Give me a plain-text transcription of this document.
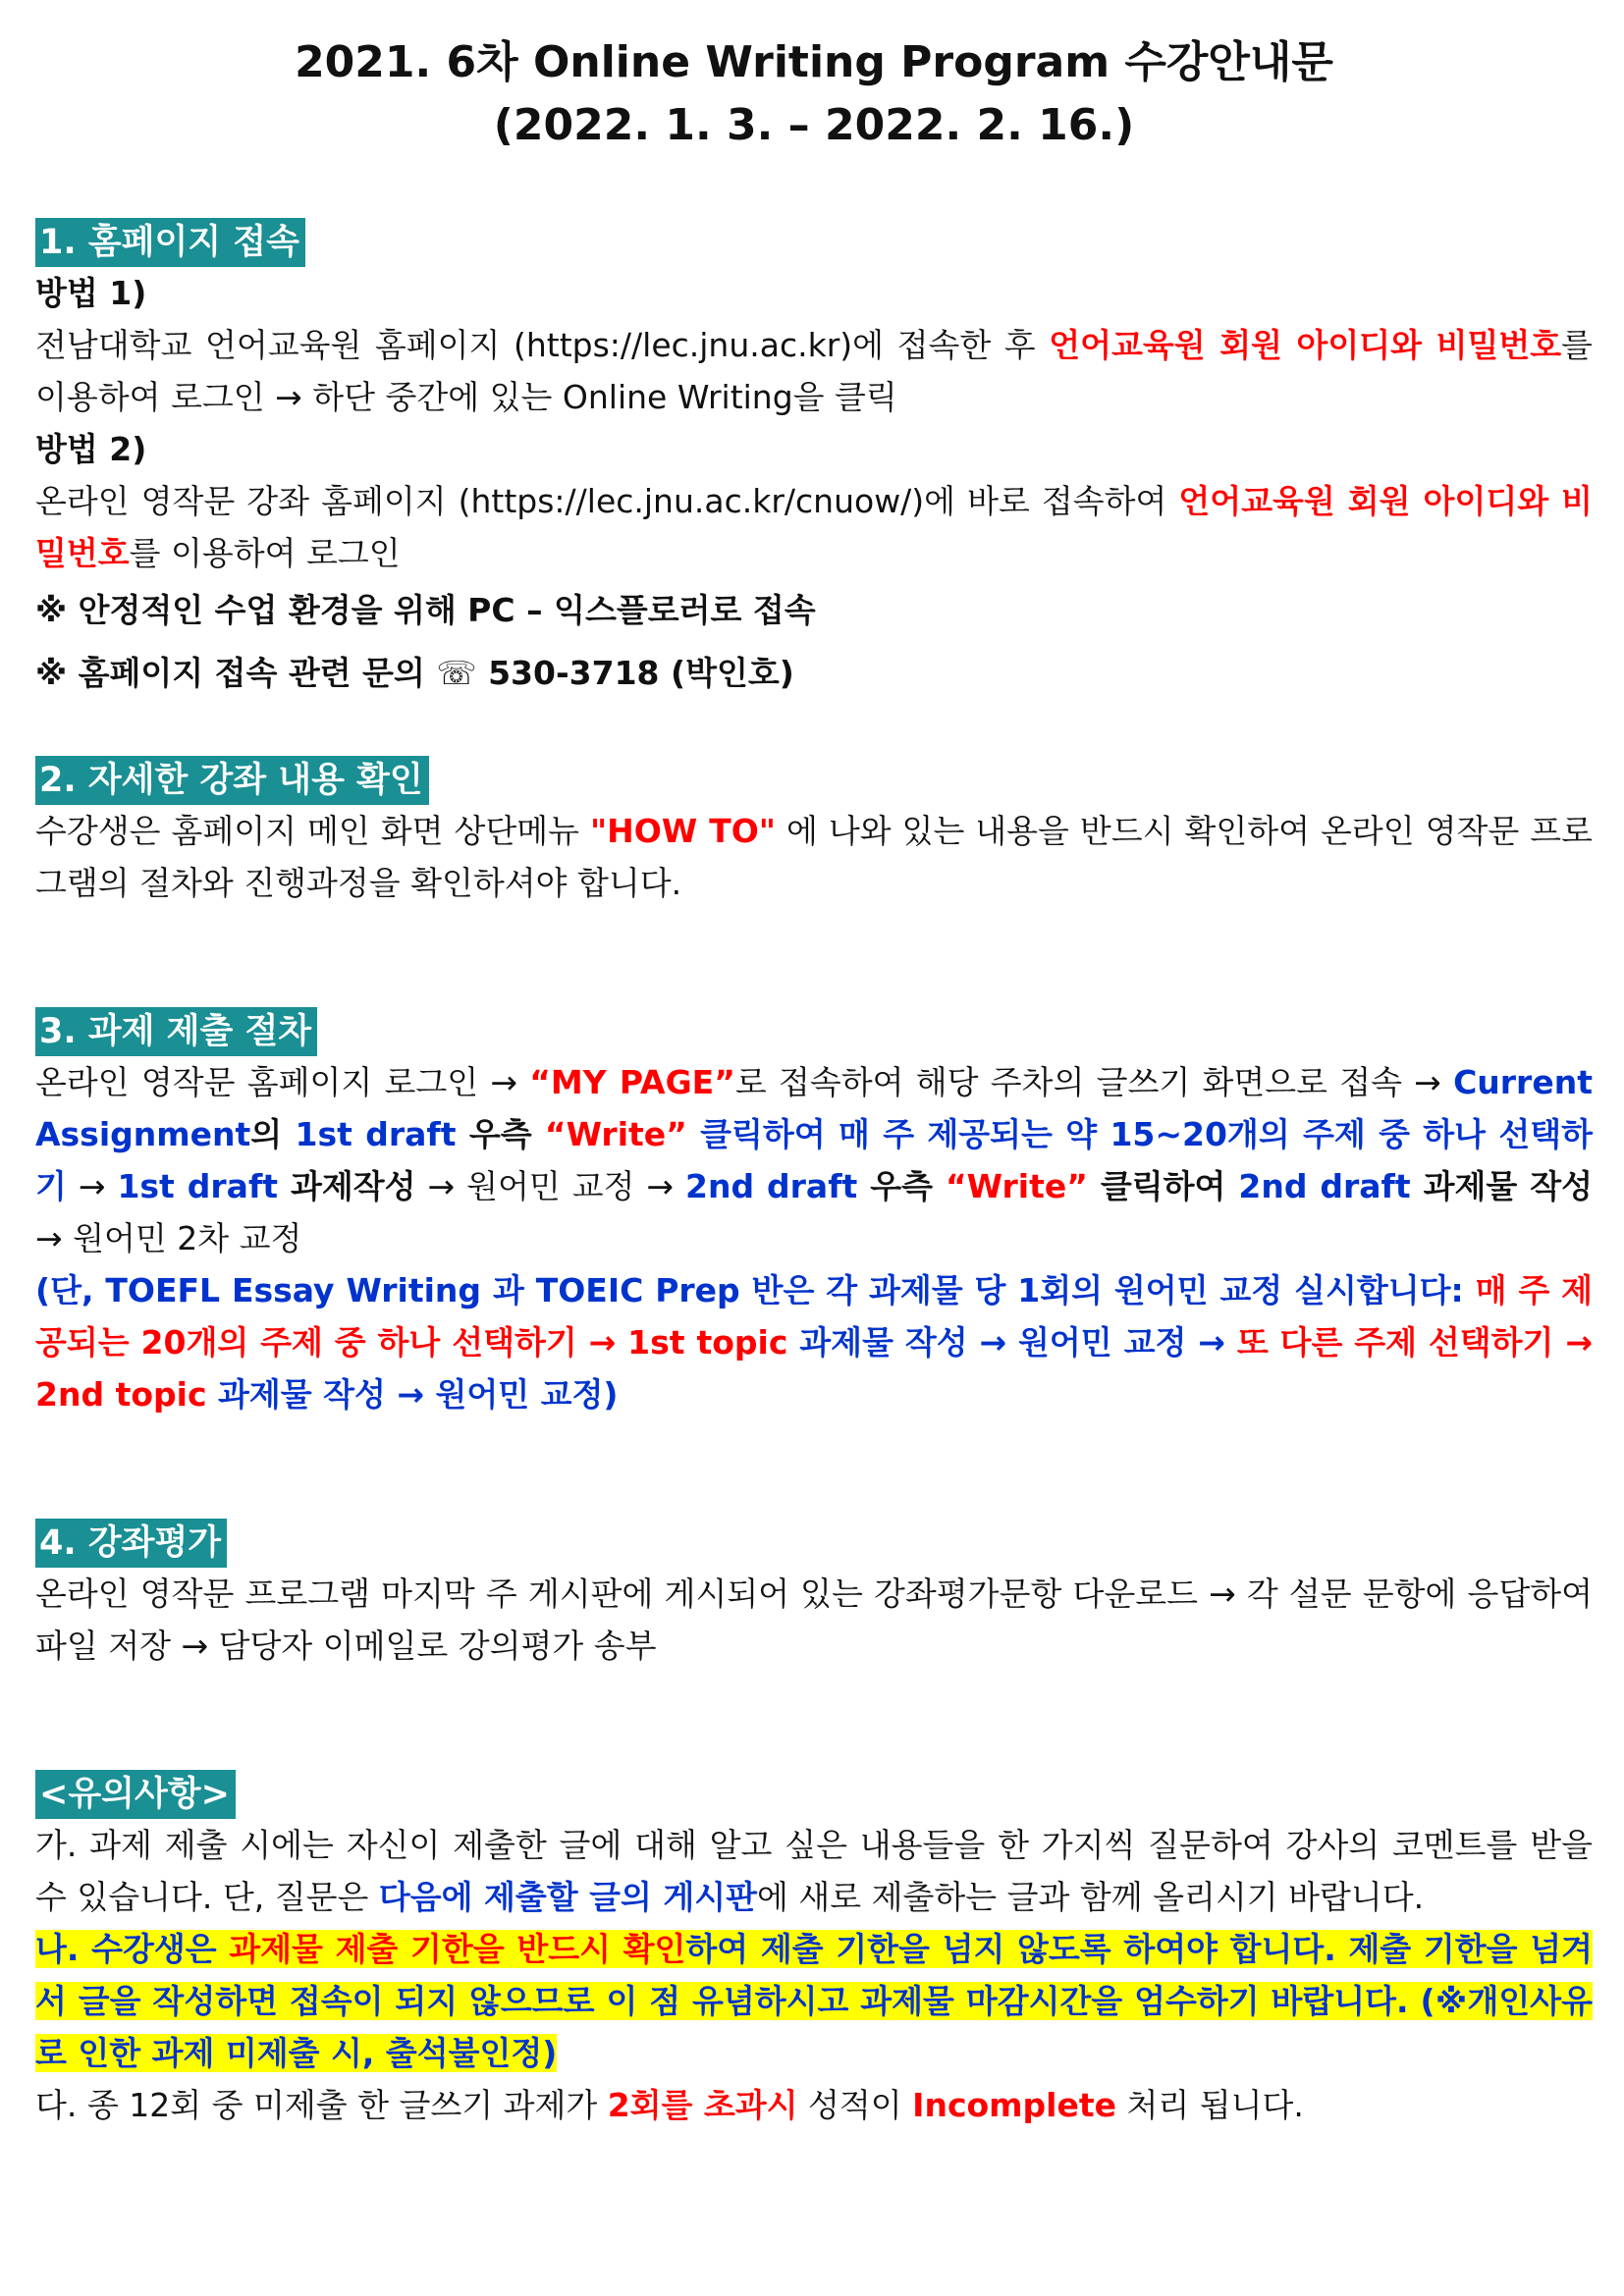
2021. 6차 Online Writing Program 수강안내문
(2022. 1. 3. – 2022. 2. 16.)
1. 홈페이지 접속

방법 1)

전남대학교 언어교육원 홈페이지 (https://lec.jnu.ac.kr)에 접속한 후 언어교육원 회원 아이디와 비밀번호를 이용하여 로그인 → 하단 중간에 있는 Online Writing을 클릭

방법 2)

온라인 영작문 강좌 홈페이지 (https://lec.jnu.ac.kr/cnuow/)에 바로 접속하여 언어교육원 회원 아이디와 비밀번호를 이용하여 로그인

※ 안정적인 수업 환경을 위해 PC – 익스플로러로 접속

※ 홈페이지 접속 관련 문의 ☏ 530-3718 (박인호)

2. 자세한 강좌 내용 확인

수강생은 홈페이지 메인 화면 상단메뉴 "HOW TO" 에 나와 있는 내용을 반드시 확인하여 온라인 영작문 프로그램의 절차와 진행과정을 확인하셔야 합니다.

3. 과제 제출 절차

온라인 영작문 홈페이지 로그인 → “MY PAGE”로 접속하여 해당 주차의 글쓰기 화면으로 접속 → Current Assignment의 1st draft 우측 “Write” 클릭하여 매 주 제공되는 약 15~20개의 주제 중 하나 선택하기 → 1st draft 과제작성 → 원어민 교정 → 2nd draft 우측 “Write” 클릭하여 2nd draft 과제물 작성 → 원어민 2차 교정

(단, TOEFL Essay Writing 과 TOEIC Prep 반은 각 과제물 당 1회의 원어민 교정 실시합니다: 매 주 제공되는 20개의 주제 중 하나 선택하기 → 1st topic 과제물 작성 → 원어민 교정 → 또 다른 주제 선택하기 → 2nd topic 과제물 작성 → 원어민 교정)

4. 강좌평가

온라인 영작문 프로그램 마지막 주 게시판에 게시되어 있는 강좌평가문항 다운로드 → 각 설문 문항에 응답하여 파일 저장 → 담당자 이메일로 강의평가 송부

<유의사항>

가. 과제 제출 시에는 자신이 제출한 글에 대해 알고 싶은 내용들을 한 가지씩 질문하여 강사의 코멘트를 받을 수 있습니다. 단, 질문은 다음에 제출할 글의 게시판에 새로 제출하는 글과 함께 올리시기 바랍니다.

나. 수강생은 과제물 제출 기한을 반드시 확인하여 제출 기한을 넘지 않도록 하여야 합니다. 제출 기한을 넘겨서 글을 작성하면 접속이 되지 않으므로 이 점 유념하시고 과제물 마감시간을 엄수하기 바랍니다. (※개인사유로 인한 과제 미제출 시, 출석불인정)

다. 종 12회 중 미제출 한 글쓰기 과제가 2회를 초과시 성적이 Incomplete 처리 됩니다.
